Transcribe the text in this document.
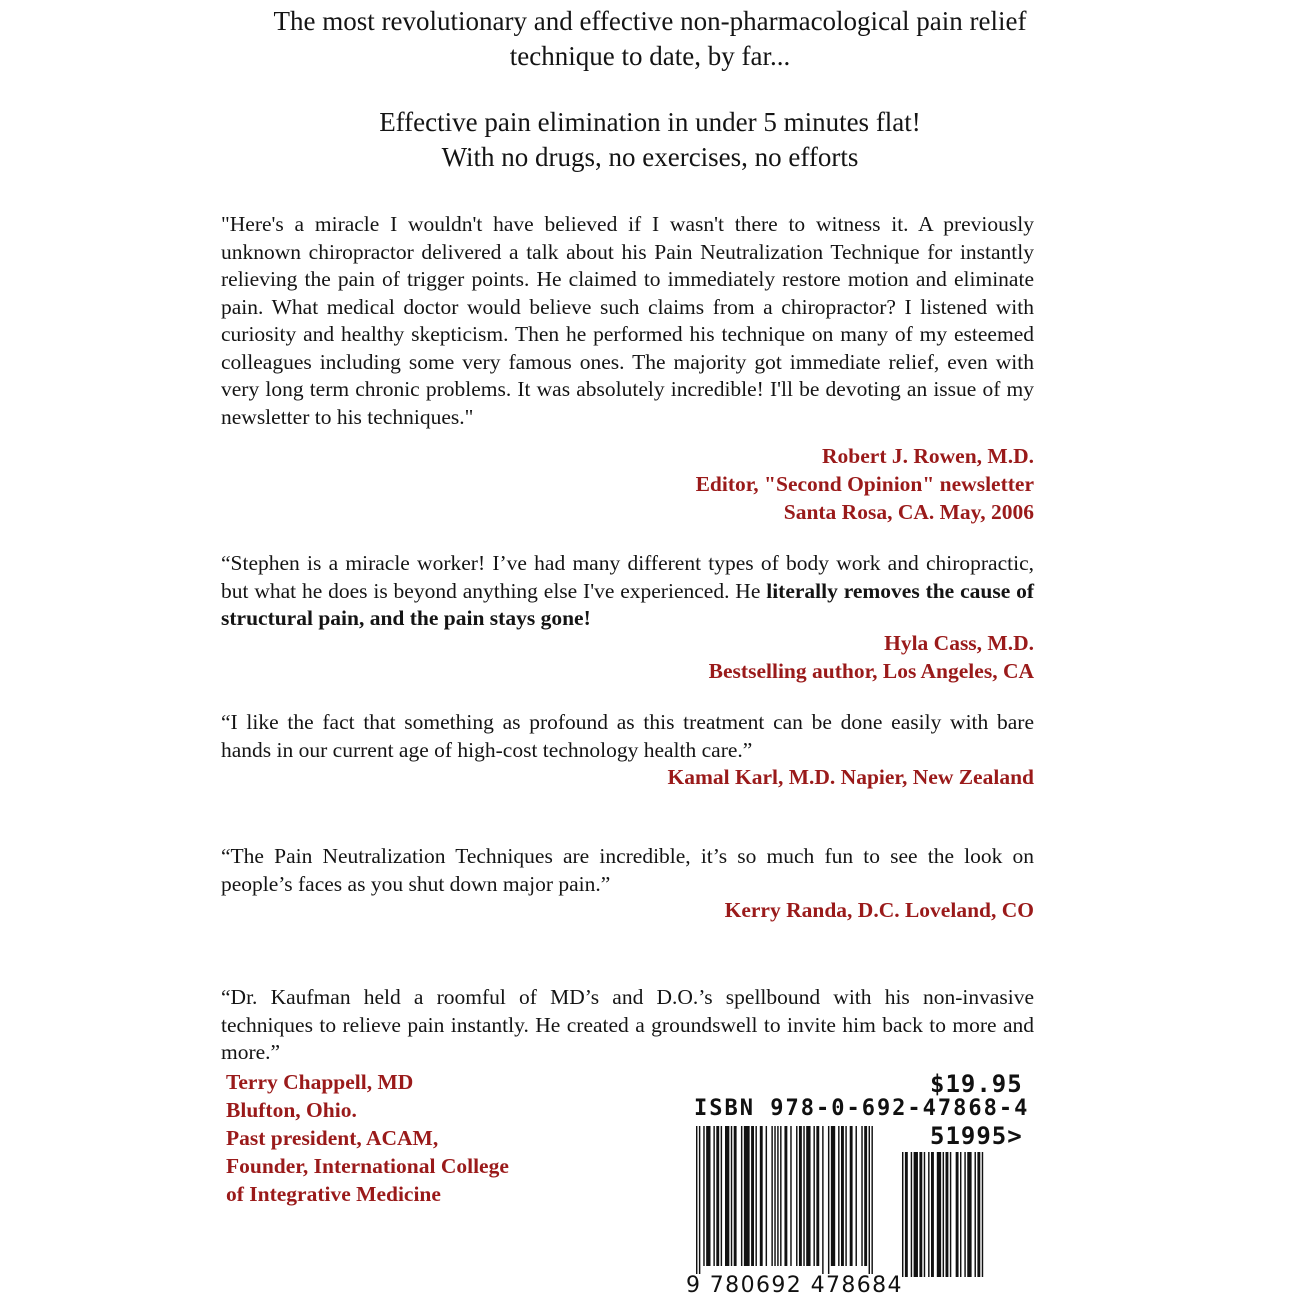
The most revolutionary and effective non-pharmacological pain relief
technique to date, by far...
Effective pain elimination in under 5 minutes flat!
With no drugs, no exercises, no efforts

"Here's a miracle I wouldn't have believed if I wasn't there to witness it. A previously unknown chiropractor delivered a talk about his Pain Neutralization Technique for instantly relieving the pain of trigger points. He claimed to immediately restore motion and eliminate pain. What medical doctor would believe such claims from a chiropractor? I listened with curiosity and healthy skepticism. Then he performed his technique on many of my esteemed colleagues including some very famous ones. The majority got immediate relief, even with very long term chronic problems. It was absolutely incredible! I'll be devoting an issue of my newsletter to his techniques."

Robert J. Rowen, M.D.
Editor, "Second Opinion" newsletter
Santa Rosa, CA. May, 2006

“Stephen is a miracle worker! I’ve had many different types of body work and chiropractic, but what he does is beyond anything else I've experienced. He literally removes the cause of structural pain, and the pain stays gone!

Hyla Cass, M.D.
Bestselling author, Los Angeles, CA

“I like the fact that something as profound as this treatment can be done easily with bare hands in our current age of high-cost technology health care.”

Kamal Karl, M.D. Napier, New Zealand

“The Pain Neutralization Techniques are incredible, it’s so much fun to see the look on people’s faces as you shut down major pain.”

Kerry Randa, D.C. Loveland, CO

“Dr. Kaufman held a roomful of MD’s and D.O.’s spellbound with his non-invasive techniques to relieve pain instantly. He created a groundswell to invite him back to more and more.”

Terry Chappell, MD
Blufton, Ohio.
Past president, ACAM,
Founder, International College
of Integrative Medicine
$19.95
ISBN 978-0-692-47868-4
51995>
9 780692 478684
